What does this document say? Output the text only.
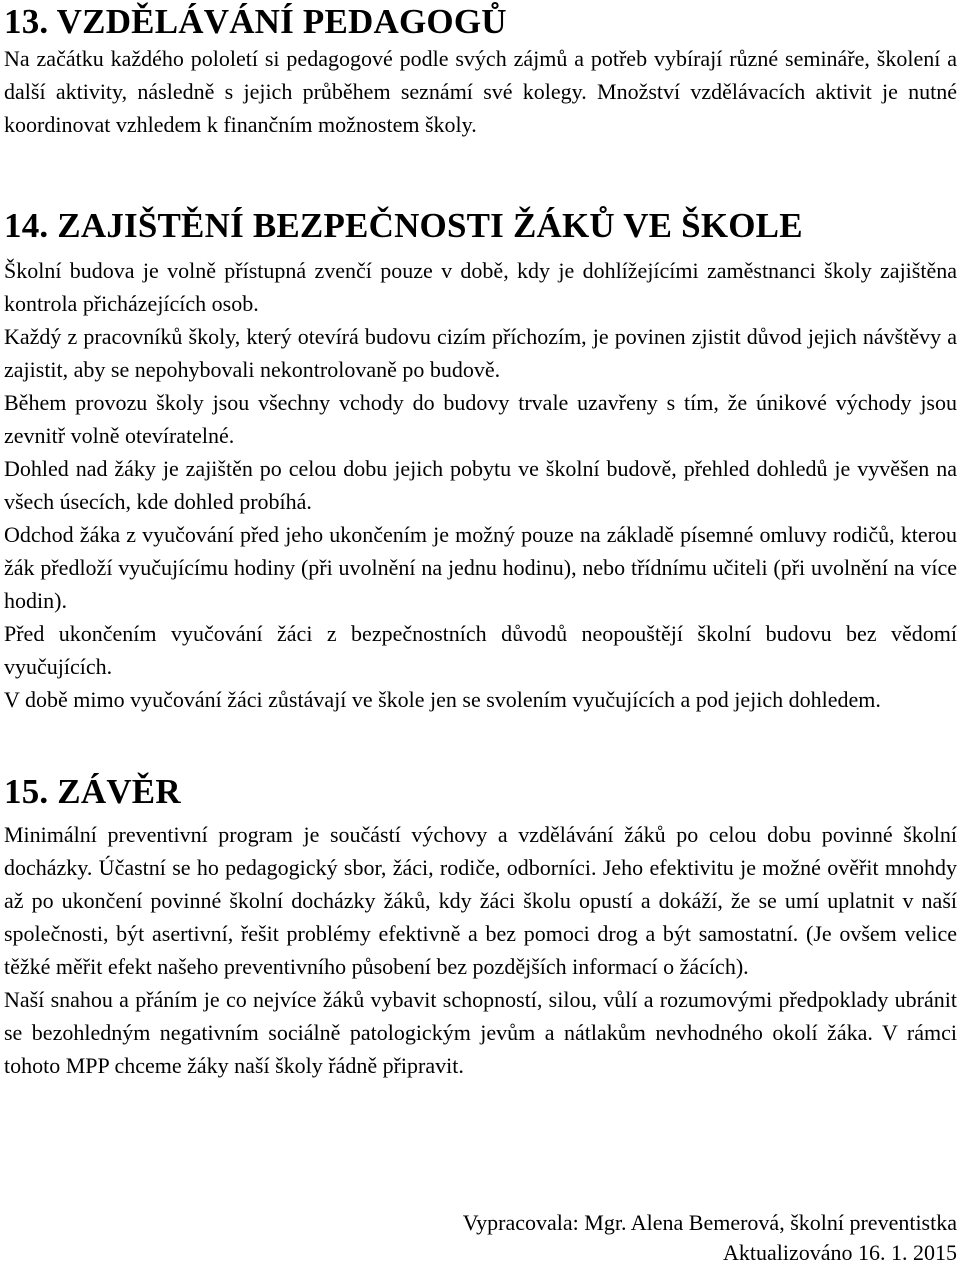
13. VZDĚLÁVÁNÍ PEDAGOGŮ

Na začátku každého pololetí si pedagogové podle svých zájmů a potřeb vybírají různé semináře, školení a další aktivity, následně s jejich průběhem seznámí své kolegy. Množství vzdělávacích aktivit je nutné koordinovat vzhledem k finančním možnostem školy.

14. ZAJIŠTĚNÍ BEZPEČNOSTI ŽÁKŮ VE ŠKOLE

Školní budova je volně přístupná zvenčí pouze v době, kdy je dohlížejícími zaměstnanci školy zajištěna kontrola přicházejících osob.

Každý z pracovníků školy, který otevírá budovu cizím příchozím, je povinen zjistit důvod jejich návštěvy a zajistit, aby se nepohybovali nekontrolovaně po budově.

Během provozu školy jsou všechny vchody do budovy trvale uzavřeny s tím, že únikové východy jsou zevnitř volně otevíratelné.

Dohled nad žáky je zajištěn po celou dobu jejich pobytu ve školní budově, přehled dohledů je vyvěšen na všech úsecích, kde dohled probíhá.

Odchod žáka z vyučování před jeho ukončením je možný pouze na základě písemné omluvy rodičů, kterou žák předloží vyučujícímu hodiny (při uvolnění na jednu hodinu), nebo třídnímu učiteli (při uvolnění na více hodin).

Před ukončením vyučování žáci z bezpečnostních důvodů neopouštějí školní budovu bez vědomí vyučujících.

V době mimo vyučování žáci zůstávají ve škole jen se svolením vyučujících a pod jejich dohledem.

15. ZÁVĚR

Minimální preventivní program je součástí výchovy a vzdělávání žáků po celou dobu povinné školní docházky. Účastní se ho pedagogický sbor, žáci, rodiče, odborníci. Jeho efektivitu je možné ověřit mnohdy až po ukončení povinné školní docházky žáků, kdy žáci školu opustí a dokáží, že se umí uplatnit v naší společnosti, být asertivní, řešit problémy efektivně a bez pomoci drog a být samostatní. (Je ovšem velice těžké měřit efekt našeho preventivního působení bez pozdějších informací o žácích).

Naší snahou a přáním je co nejvíce žáků vybavit schopností, silou, vůlí a rozumovými předpoklady ubránit se bezohledným negativním sociálně patologickým jevům a nátlakům nevhodného okolí žáka. V rámci tohoto MPP chceme žáky naší školy řádně připravit.

Vypracovala: Mgr. Alena Bemerová, školní preventistka
Aktualizováno 16. 1. 2015
